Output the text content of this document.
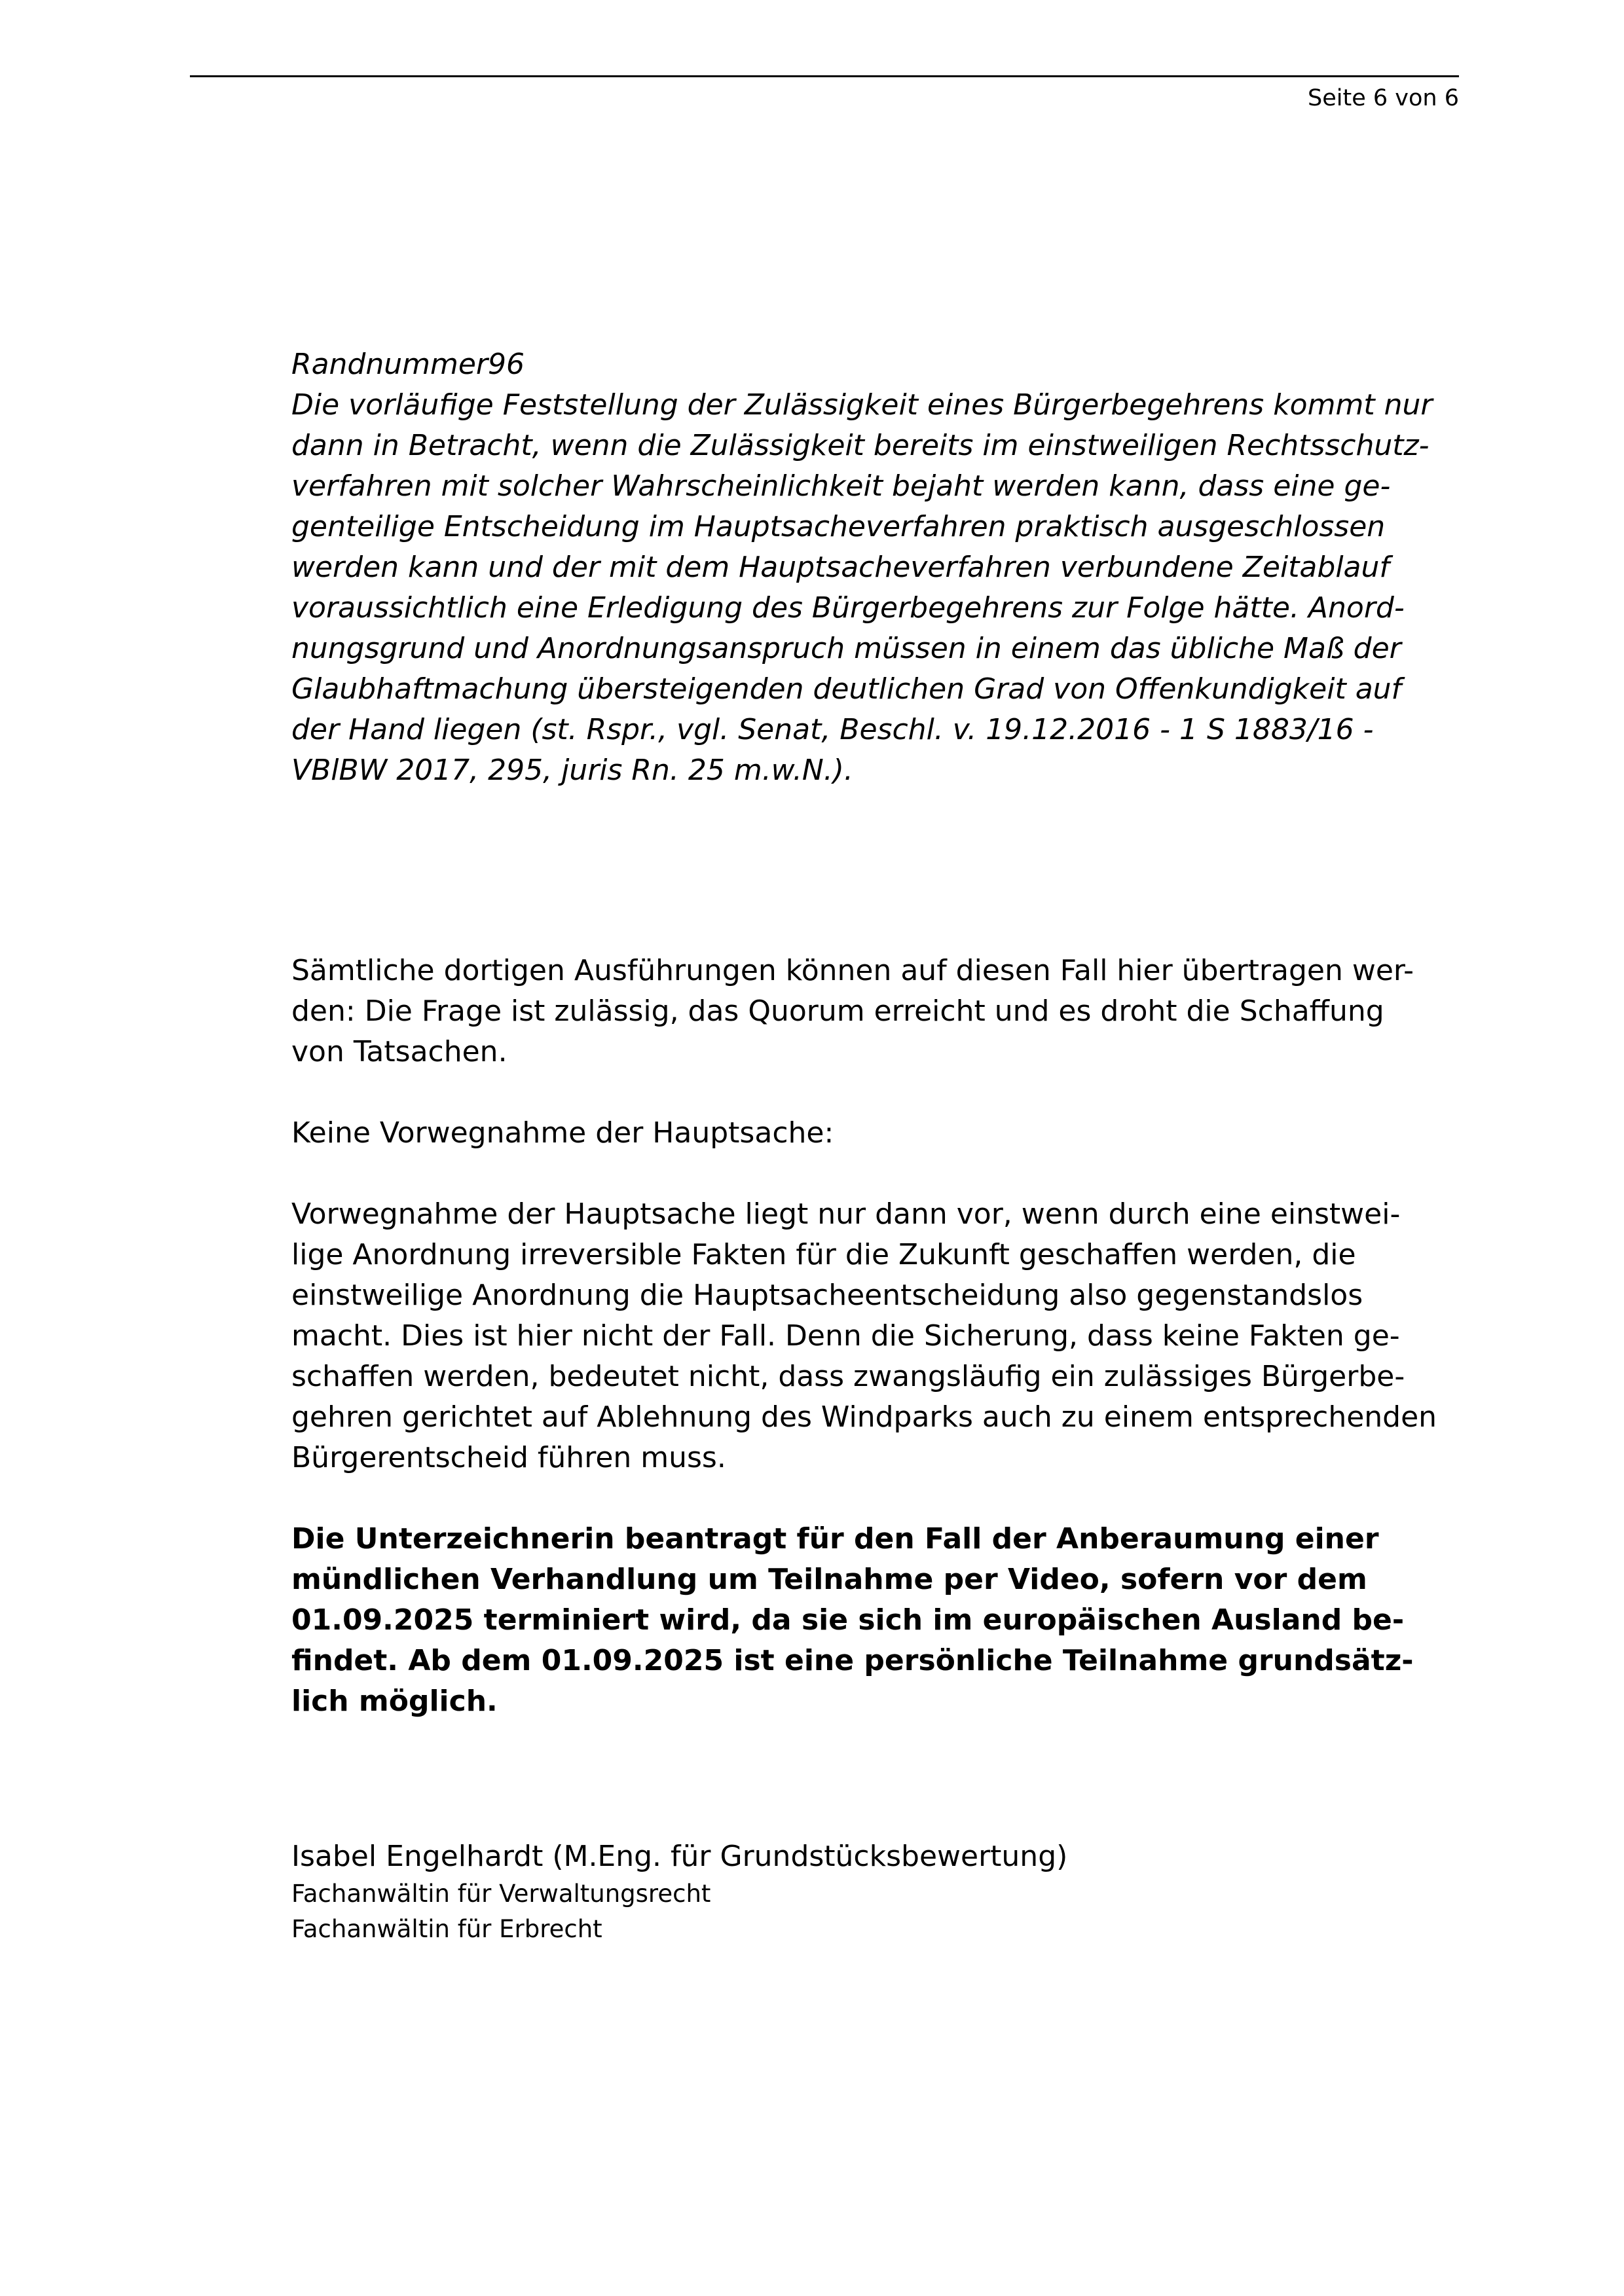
Seite 6 von 6

Randnummer96

Die vorläufige Feststellung der Zulässigkeit eines Bürgerbegehrens kommt nur

dann in Betracht, wenn die Zulässigkeit bereits im einstweiligen Rechtsschutz-

verfahren mit solcher Wahrscheinlichkeit bejaht werden kann, dass eine ge-

genteilige Entscheidung im Hauptsacheverfahren praktisch ausgeschlossen

werden kann und der mit dem Hauptsacheverfahren verbundene Zeitablauf

voraussichtlich eine Erledigung des Bürgerbegehrens zur Folge hätte. Anord-

nungsgrund und Anordnungsanspruch müssen in einem das übliche Maß der

Glaubhaftmachung übersteigenden deutlichen Grad von Offenkundigkeit auf

der Hand liegen (st. Rspr., vgl. Senat, Beschl. v. 19.12.2016 - 1 S 1883/16 -

VBlBW 2017, 295, juris Rn. 25 m.w.N.).

Sämtliche dortigen Ausführungen können auf diesen Fall hier übertragen wer-

den: Die Frage ist zulässig, das Quorum erreicht und es droht die Schaffung

von Tatsachen.

Keine Vorwegnahme der Hauptsache:

Vorwegnahme der Hauptsache liegt nur dann vor, wenn durch eine einstwei-

lige Anordnung irreversible Fakten für die Zukunft geschaffen werden, die

einstweilige Anordnung die Hauptsacheentscheidung also gegenstandslos

macht. Dies ist hier nicht der Fall. Denn die Sicherung, dass keine Fakten ge-

schaffen werden, bedeutet nicht, dass zwangsläufig ein zulässiges Bürgerbe-

gehren gerichtet auf Ablehnung des Windparks auch zu einem entsprechenden

Bürgerentscheid führen muss.

Die Unterzeichnerin beantragt für den Fall der Anberaumung einer

mündlichen Verhandlung um Teilnahme per Video, sofern vor dem

01.09.2025 terminiert wird, da sie sich im europäischen Ausland be-

findet. Ab dem 01.09.2025 ist eine persönliche Teilnahme grundsätz-

lich möglich.

Isabel Engelhardt (M.Eng. für Grundstücksbewertung)
Fachanwältin für Verwaltungsrecht
Fachanwältin für Erbrecht
